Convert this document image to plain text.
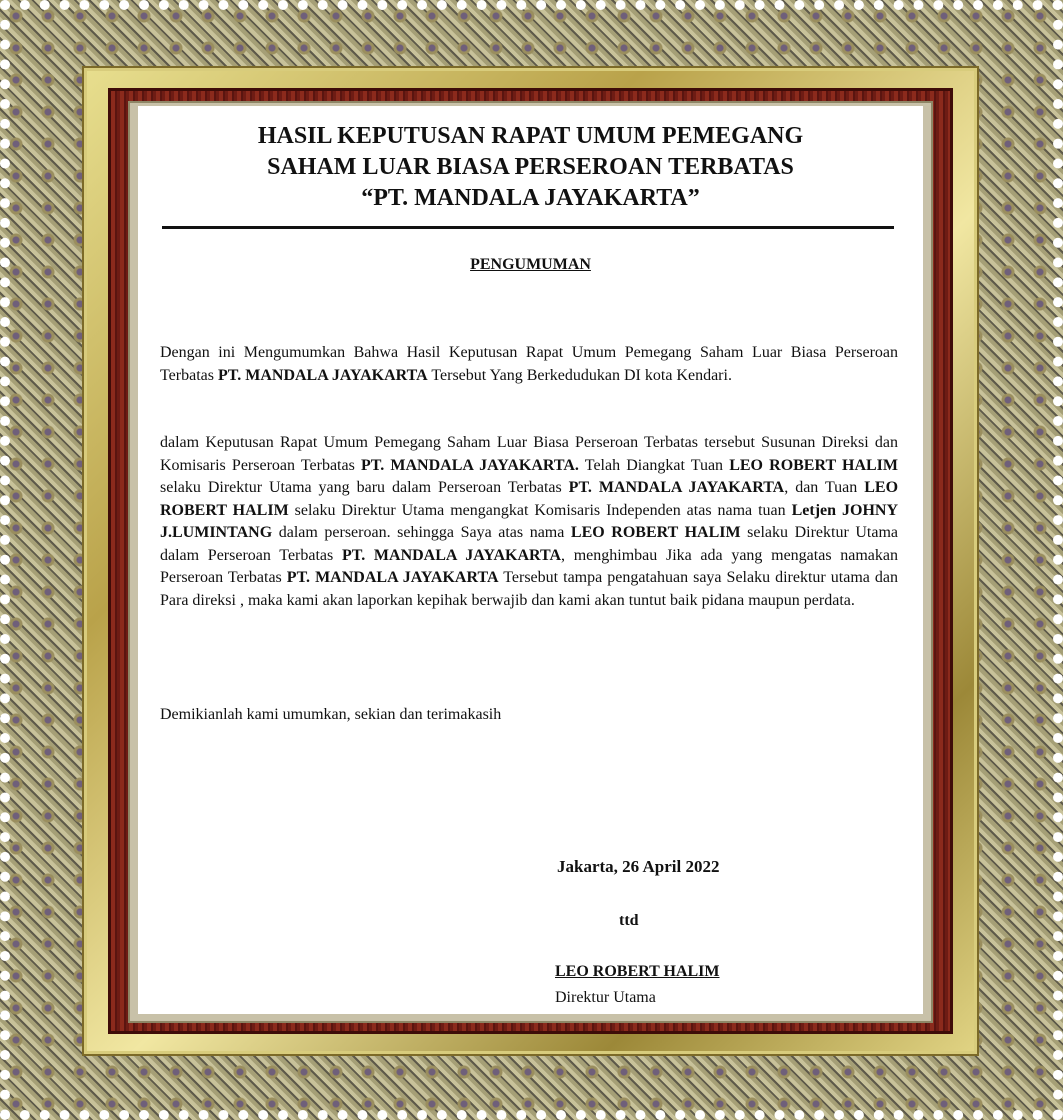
HASIL KEPUTUSAN RAPAT UMUM PEMEGANG
SAHAM LUAR BIASA PERSEROAN TERBATAS
“PT. MANDALA JAYAKARTA”
PENGUMUMAN

Dengan ini Mengumumkan Bahwa Hasil Keputusan Rapat Umum Pemegang Saham Luar Biasa Perseroan Terbatas PT. MANDALA JAYAKARTA Tersebut Yang Berkedudukan DI kota Kendari.

dalam Keputusan Rapat Umum Pemegang Saham Luar Biasa Perseroan Terbatas tersebut Susunan Direksi dan Komisaris Perseroan Terbatas PT. MANDALA JAYAKARTA. Telah Diangkat Tuan LEO ROBERT HALIM selaku Direktur Utama yang baru dalam Perseroan Terbatas PT. MANDALA JAYAKARTA, dan Tuan LEO ROBERT HALIM selaku Direktur Utama mengangkat Komisaris Independen atas nama tuan Letjen JOHNY J.LUMINTANG dalam perseroan. sehingga Saya atas nama LEO ROBERT HALIM selaku Direktur Utama dalam Perseroan Terbatas PT. MANDALA JAYAKARTA, menghimbau Jika ada yang mengatas namakan Perseroan Terbatas PT. MANDALA JAYAKARTA Tersebut tampa pengatahuan saya Selaku direktur utama dan Para direksi , maka kami akan laporkan kepihak berwajib dan kami akan tuntut baik pidana maupun perdata.

Demikianlah kami umumkan, sekian dan terimakasih

Jakarta, 26 April 2022
ttd
LEO ROBERT HALIM
Direktur Utama
